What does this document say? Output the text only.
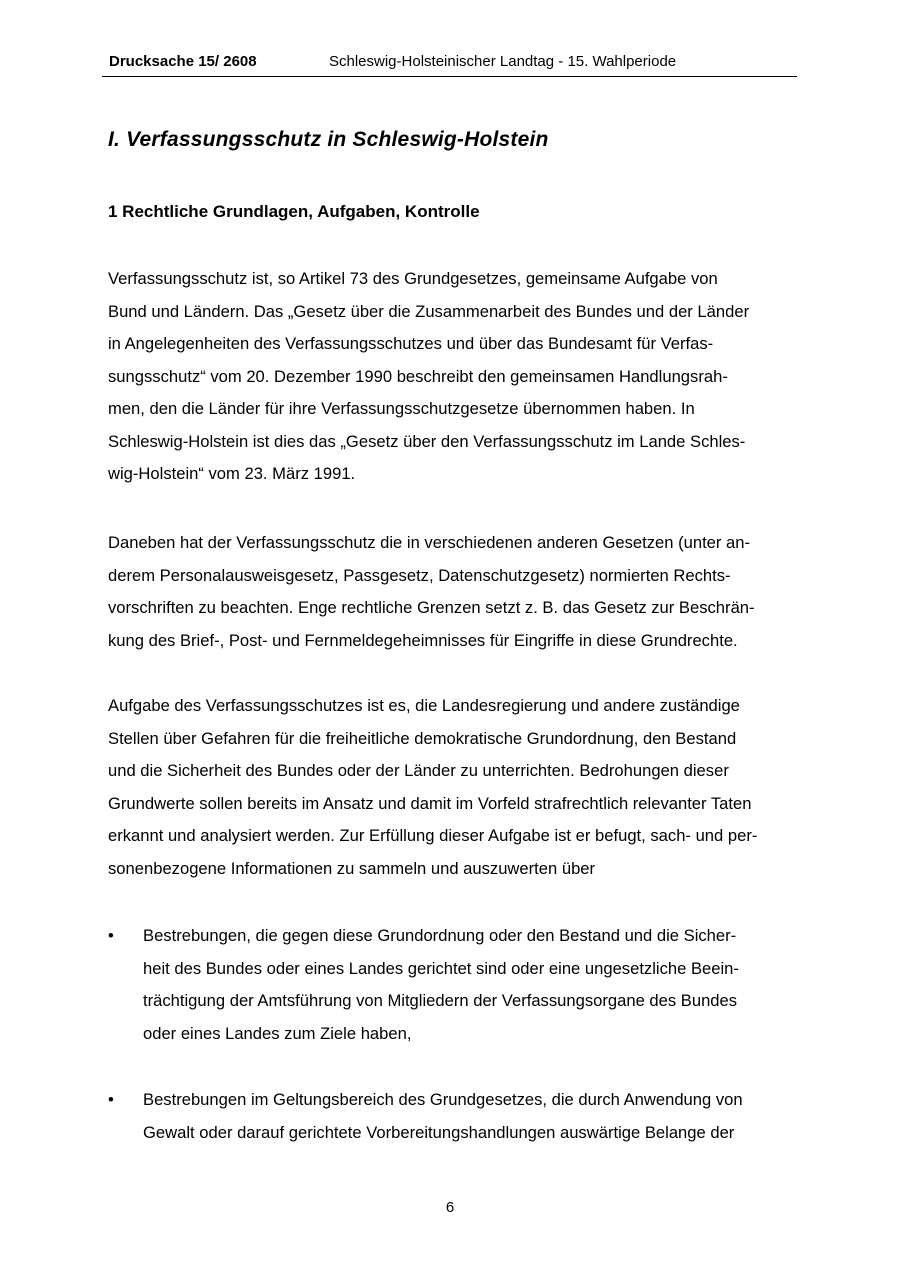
Drucksache 15/ 2608	Schleswig-Holsteinischer Landtag - 15. Wahlperiode
I. Verfassungsschutz in Schleswig-Holstein
1 Rechtliche Grundlagen, Aufgaben, Kontrolle
Verfassungsschutz ist, so Artikel 73 des Grundgesetzes, gemeinsame Aufgabe von
Bund und Ländern. Das „Gesetz über die Zusammenarbeit des Bundes und der Länder
in Angelegenheiten des Verfassungsschutzes und über das Bundesamt für Verfas-
sungsschutz“ vom 20. Dezember 1990 beschreibt den gemeinsamen Handlungsrah-
men, den die Länder für ihre Verfassungsschutzgesetze übernommen haben. In
Schleswig-Holstein ist dies das „Gesetz über den Verfassungsschutz im Lande Schles-
wig-Holstein“ vom 23. März 1991.
Daneben hat der Verfassungsschutz die in verschiedenen anderen Gesetzen (unter an-
derem Personalausweisgesetz, Passgesetz, Datenschutzgesetz) normierten Rechts-
vorschriften zu beachten. Enge rechtliche Grenzen setzt z. B. das Gesetz zur Beschrän-
kung des Brief-, Post- und Fernmeldegeheimnisses für Eingriffe in diese Grundrechte.
Aufgabe des Verfassungsschutzes ist es, die Landesregierung und andere zuständige
Stellen über Gefahren für die freiheitliche demokratische Grundordnung, den Bestand
und die Sicherheit des Bundes oder der Länder zu unterrichten. Bedrohungen dieser
Grundwerte sollen bereits im Ansatz und damit im Vorfeld strafrechtlich relevanter Taten
erkannt und analysiert werden. Zur Erfüllung dieser Aufgabe ist er befugt, sach- und per-
sonenbezogene Informationen zu sammeln und auszuwerten über
• Bestrebungen, die gegen diese Grundordnung oder den Bestand und die Sicher-
heit des Bundes oder eines Landes gerichtet sind oder eine ungesetzliche Beein-
trächtigung der Amtsführung von Mitgliedern der Verfassungsorgane des Bundes
oder eines Landes zum Ziele haben,
• Bestrebungen im Geltungsbereich des Grundgesetzes, die durch Anwendung von
Gewalt oder darauf gerichtete Vorbereitungshandlungen auswärtige Belange der
6
